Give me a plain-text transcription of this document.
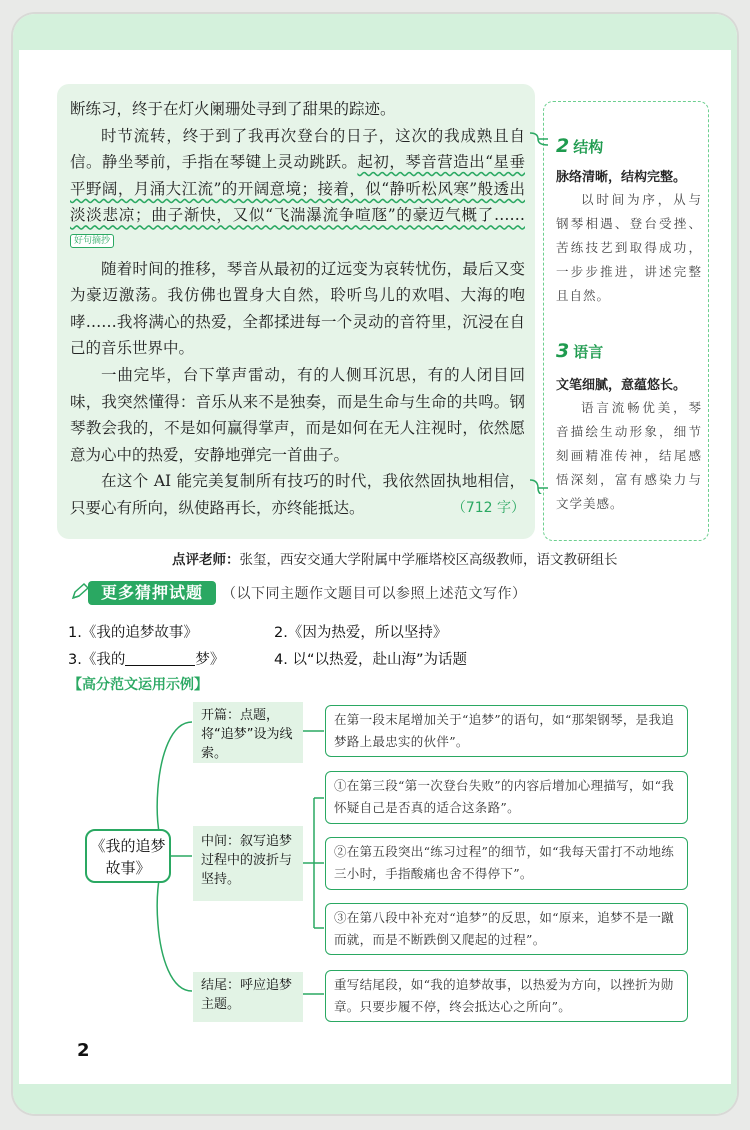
断练习，终于在灯火阑珊处寻到了甜果的踪迹。

时节流转，终于到了我再次登台的日子，这次的我成熟且自信。静坐琴前，手指在琴键上灵动跳跃。起初，琴音营造出“星垂平野阔，月涌大江流”的开阔意境；接着，似“静听松风寒”般透出淡淡悲凉；曲子渐快，又似“飞湍瀑流争喧豗”的豪迈气概了……好句摘抄

随着时间的推移，琴音从最初的辽远变为哀转忧伤，最后又变为豪迈激荡。我仿佛也置身大自然，聆听鸟儿的欢唱、大海的咆哮……我将满心的热爱，全都揉进每一个灵动的音符里，沉浸在自己的音乐世界中。

一曲完毕，台下掌声雷动，有的人侧耳沉思，有的人闭目回味，我突然懂得：音乐从来不是独奏，而是生命与生命的共鸣。钢琴教会我的，不是如何赢得掌声，而是如何在无人注视时，依然愿意为心中的热爱，安静地弹完一首曲子。

在这个 AI 能完美复制所有技巧的时代，我依然固执地相信，只要心有所向，纵使路再长，亦终能抵达。	（712 字）

2 结构
脉络清晰，结构完整。
以时间为序，从与钢琴相遇、登台受挫、苦练技艺到取得成功，一步步推进，讲述完整且自然。
3 语言
文笔细腻，意蕴悠长。
语言流畅优美，琴音描绘生动形象，细节刻画精准传神，结尾感悟深刻，富有感染力与文学美感。
点评老师：张玺，西安交通大学附属中学雁塔校区高级教师，语文教研组长
更多猜押试题	（以下同主题作文题目可以参照上述范文写作）
1.《我的追梦故事》	2.《因为热爱，所以坚持》
3.《我的	梦》	4. 以“以热爱，赴山海”为话题
【高分范文运用示例】
《我的追梦故事》
开篇：点题，将“追梦”设为线索。
中间：叙写追梦过程中的波折与坚持。
结尾：呼应追梦主题。
在第一段末尾增加关于“追梦”的语句，如“那架钢琴，是我追梦路上最忠实的伙伴”。
①在第三段“第一次登台失败”的内容后增加心理描写，如“我怀疑自己是否真的适合这条路”。
②在第五段突出“练习过程”的细节，如“我每天雷打不动地练三小时，手指酸痛也舍不得停下”。
③在第八段中补充对“追梦”的反思，如“原来，追梦不是一蹴而就，而是不断跌倒又爬起的过程”。
重写结尾段，如“我的追梦故事，以热爱为方向，以挫折为勋章。只要步履不停，终会抵达心之所向”。
2
